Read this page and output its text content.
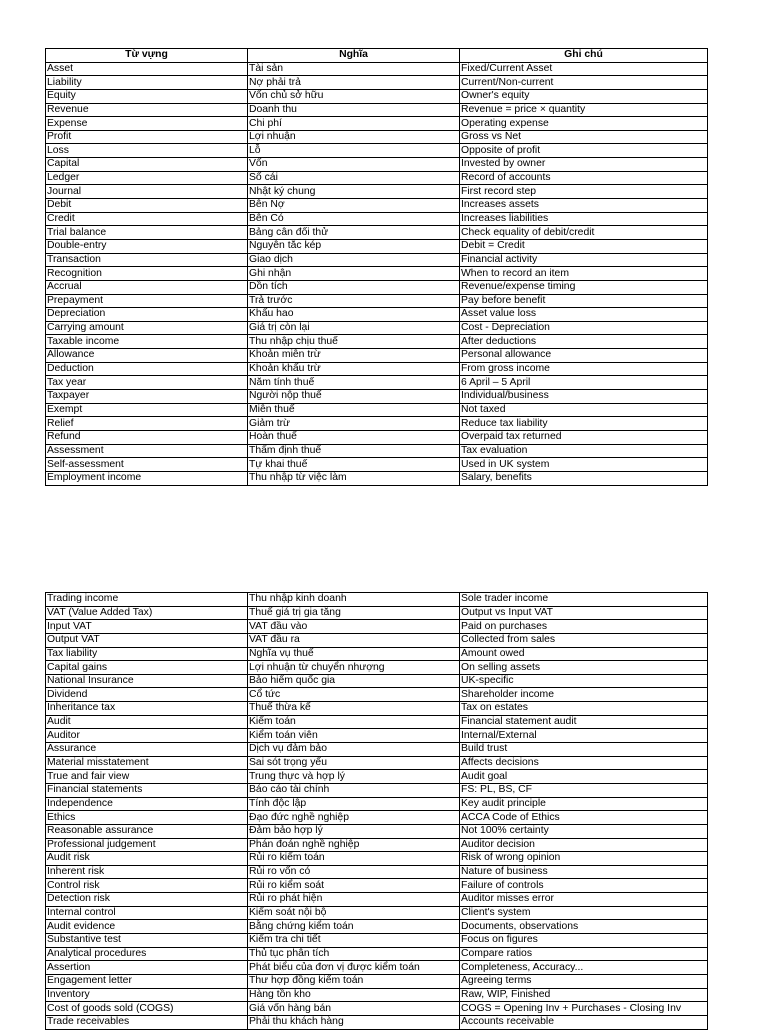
Từ vựng	Nghĩa	Ghi chú
Asset	Tài sản	Fixed/Current Asset
Liability	Nợ phải trả	Current/Non-current
Equity	Vốn chủ sở hữu	Owner's equity
Revenue	Doanh thu	Revenue = price × quantity
Expense	Chi phí	Operating expense
Profit	Lợi nhuận	Gross vs Net
Loss	Lỗ	Opposite of profit
Capital	Vốn	Invested by owner
Ledger	Sổ cái	Record of accounts
Journal	Nhật ký chung	First record step
Debit	Bên Nợ	Increases assets
Credit	Bên Có	Increases liabilities
Trial balance	Bảng cân đối thử	Check equality of debit/credit
Double-entry	Nguyên tắc kép	Debit = Credit
Transaction	Giao dịch	Financial activity
Recognition	Ghi nhận	When to record an item
Accrual	Dồn tích	Revenue/expense timing
Prepayment	Trả trước	Pay before benefit
Depreciation	Khấu hao	Asset value loss
Carrying amount	Giá trị còn lại	Cost - Depreciation
Taxable income	Thu nhập chịu thuế	After deductions
Allowance	Khoản miễn trừ	Personal allowance
Deduction	Khoản khấu trừ	From gross income
Tax year	Năm tính thuế	6 April – 5 April
Taxpayer	Người nộp thuế	Individual/business
Exempt	Miễn thuế	Not taxed
Relief	Giảm trừ	Reduce tax liability
Refund	Hoàn thuế	Overpaid tax returned
Assessment	Thẩm định thuế	Tax evaluation
Self-assessment	Tự khai thuế	Used in UK system
Employment income	Thu nhập từ việc làm	Salary, benefits
Trading income	Thu nhập kinh doanh	Sole trader income
VAT (Value Added Tax)	Thuế giá trị gia tăng	Output vs Input VAT
Input VAT	VAT đầu vào	Paid on purchases
Output VAT	VAT đầu ra	Collected from sales
Tax liability	Nghĩa vụ thuế	Amount owed
Capital gains	Lợi nhuận từ chuyển nhượng	On selling assets
National Insurance	Bảo hiểm quốc gia	UK-specific
Dividend	Cổ tức	Shareholder income
Inheritance tax	Thuế thừa kế	Tax on estates
Audit	Kiểm toán	Financial statement audit
Auditor	Kiểm toán viên	Internal/External
Assurance	Dịch vụ đảm bảo	Build trust
Material misstatement	Sai sót trọng yếu	Affects decisions
True and fair view	Trung thực và hợp lý	Audit goal
Financial statements	Báo cáo tài chính	FS: PL, BS, CF
Independence	Tính độc lập	Key audit principle
Ethics	Đạo đức nghề nghiệp	ACCA Code of Ethics
Reasonable assurance	Đảm bảo hợp lý	Not 100% certainty
Professional judgement	Phán đoán nghề nghiệp	Auditor decision
Audit risk	Rủi ro kiểm toán	Risk of wrong opinion
Inherent risk	Rủi ro vốn có	Nature of business
Control risk	Rủi ro kiểm soát	Failure of controls
Detection risk	Rủi ro phát hiện	Auditor misses error
Internal control	Kiểm soát nội bộ	Client's system
Audit evidence	Bằng chứng kiểm toán	Documents, observations
Substantive test	Kiểm tra chi tiết	Focus on figures
Analytical procedures	Thủ tục phân tích	Compare ratios
Assertion	Phát biểu của đơn vị được kiểm toán	Completeness, Accuracy...
Engagement letter	Thư hợp đồng kiểm toán	Agreeing terms
Inventory	Hàng tồn kho	Raw, WIP, Finished
Cost of goods sold (COGS)	Giá vốn hàng bán	COGS = Opening Inv + Purchases - Closing Inv
Trade receivables	Phải thu khách hàng	Accounts receivable
